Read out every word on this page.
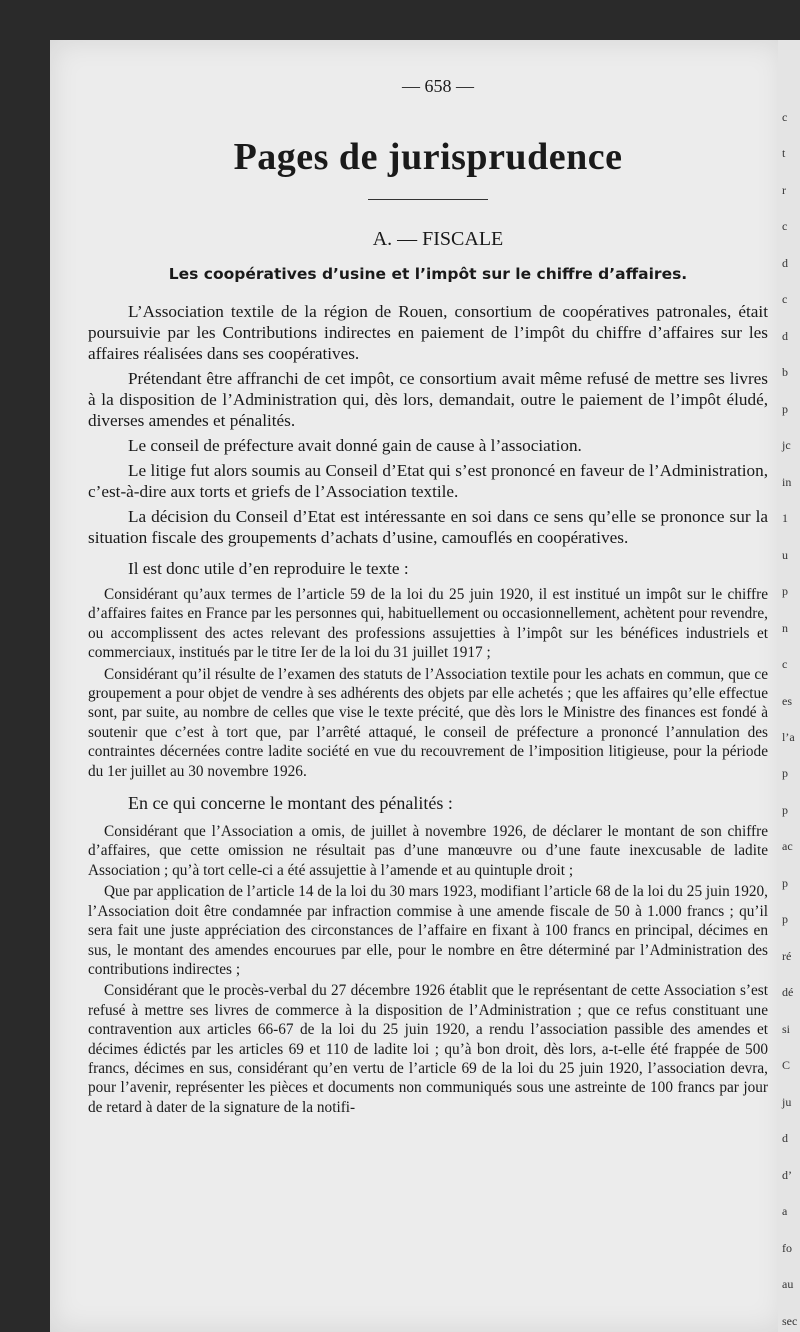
c
t
r
c
d
c
d
b
p
jc
in
1
u
p
n
c
es
l’a
p
p
ac
p
p
ré
dé
si
C
ju
d
d’
a
fo
au
sec
— 658 —
Pages de jurisprudence
A. — FISCALE
Les coopératives d’usine et l’impôt sur le chiffre d’affaires.

L’Association textile de la région de Rouen, consortium de coopératives patronales, était poursuivie par les Contributions indirectes en paiement de l’impôt du chiffre d’affaires sur les affaires réalisées dans ses coopératives.

Prétendant être affranchi de cet impôt, ce consortium avait même refusé de mettre ses livres à la disposition de l’Administration qui, dès lors, demandait, outre le paiement de l’impôt éludé, diverses amendes et pénalités.

Le conseil de préfecture avait donné gain de cause à l’association.

Le litige fut alors soumis au Conseil d’Etat qui s’est prononcé en faveur de l’Administration, c’est-à-dire aux torts et griefs de l’Association textile.

La décision du Conseil d’Etat est intéressante en soi dans ce sens qu’elle se prononce sur la situation fiscale des groupements d’achats d’usine, camouflés en coopératives.

Il est donc utile d’en reproduire le texte :

Considérant qu’aux termes de l’article 59 de la loi du 25 juin 1920, il est institué un impôt sur le chiffre d’affaires faites en France par les personnes qui, habituellement ou occasionnellement, achètent pour revendre, ou accomplissent des actes relevant des professions assujetties à l’impôt sur les bénéfices industriels et commerciaux, institués par le titre Ier de la loi du 31 juillet 1917 ;

Considérant qu’il résulte de l’examen des statuts de l’Association textile pour les achats en commun, que ce groupement a pour objet de vendre à ses adhérents des objets par elle achetés ; que les affaires qu’elle effectue sont, par suite, au nombre de celles que vise le texte précité, que dès lors le Ministre des finances est fondé à soutenir que c’est à tort que, par l’arrêté attaqué, le conseil de préfecture a prononcé l’annulation des contraintes décernées contre ladite société en vue du recouvrement de l’imposition litigieuse, pour la période du 1er juillet au 30 novembre 1926.

En ce qui concerne le montant des pénalités :

Considérant que l’Association a omis, de juillet à novembre 1926, de déclarer le montant de son chiffre d’affaires, que cette omission ne résultait pas d’une manœuvre ou d’une faute inexcusable de ladite Association ; qu’à tort celle-ci a été assujettie à l’amende et au quintuple droit ;

Que par application de l’article 14 de la loi du 30 mars 1923, modifiant l’article 68 de la loi du 25 juin 1920, l’Association doit être condamnée par infraction commise à une amende fiscale de 50 à 1.000 francs ; qu’il sera fait une juste appréciation des circonstances de l’affaire en fixant à 100 francs en principal, décimes en sus, le montant des amendes encourues par elle, pour le nombre en être déterminé par l’Administration des contributions indirectes ;

Considérant que le procès-verbal du 27 décembre 1926 établit que le représentant de cette Association s’est refusé à mettre ses livres de commerce à la disposition de l’Administration ; que ce refus constituant une contravention aux articles 66-67 de la loi du 25 juin 1920, a rendu l’association passible des amendes et décimes édictés par les articles 69 et 110 de ladite loi ; qu’à bon droit, dès lors, a-t-elle été frappée de 500 francs, décimes en sus, considérant qu’en vertu de l’article 69 de la loi du 25 juin 1920, l’association devra, pour l’avenir, représenter les pièces et documents non communiqués sous une astreinte de 100 francs par jour de retard à dater de la signature de la notifi-
